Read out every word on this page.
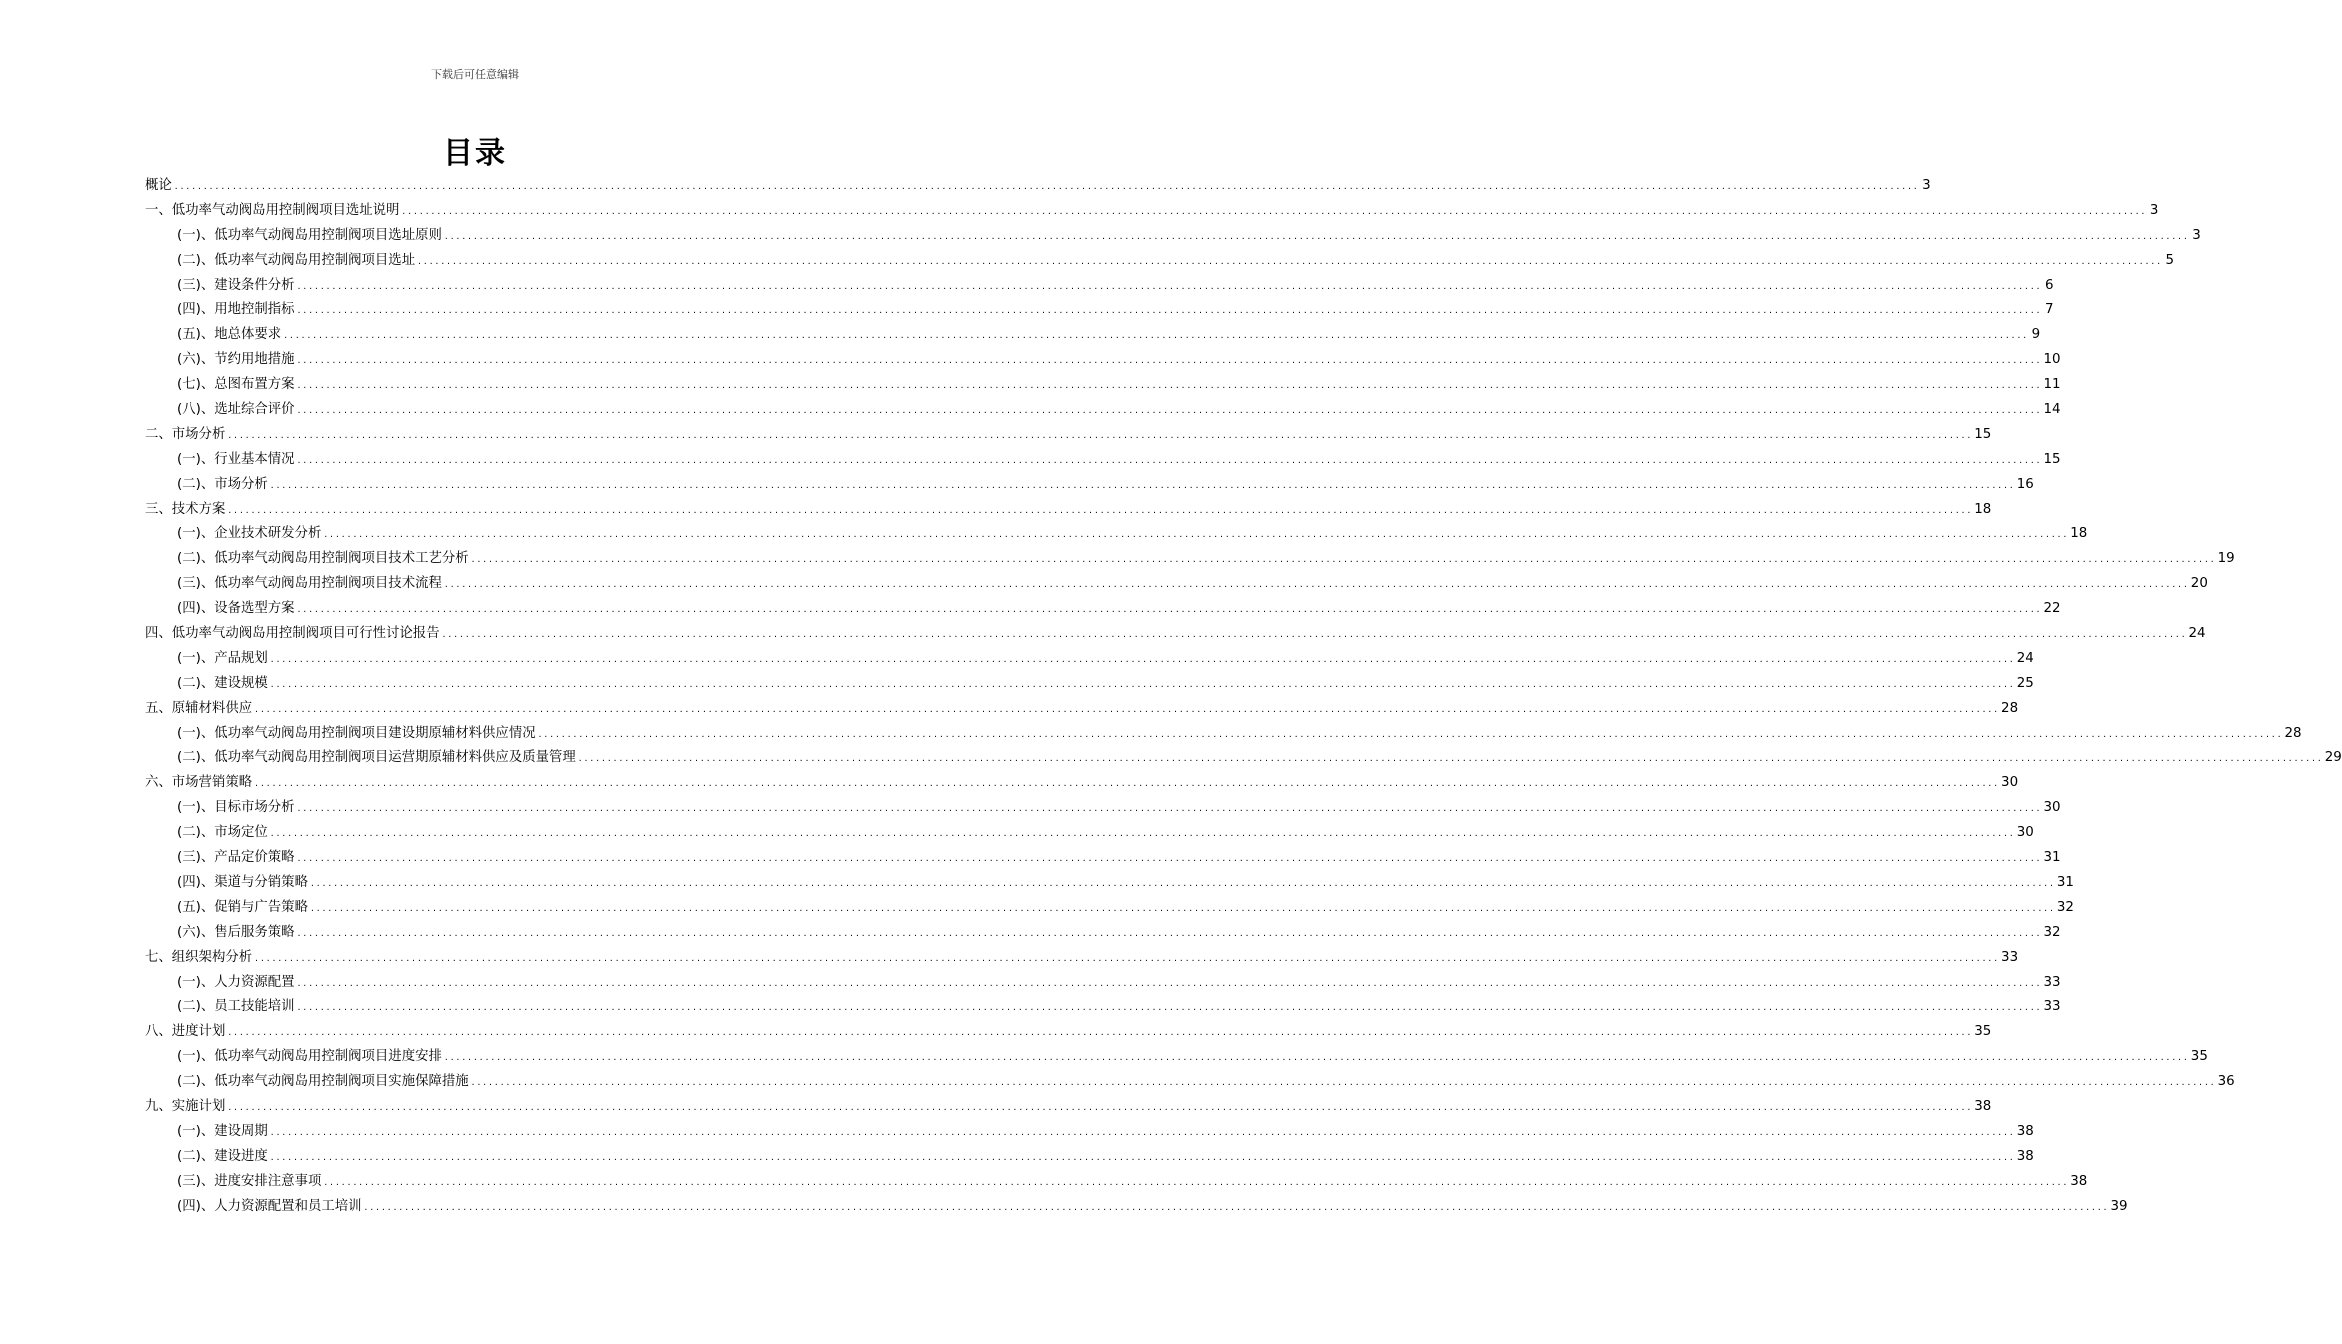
下载后可任意编辑
目录
概论 ............................................................................................................................................................................................................................................................................................................ 3
一、低功率气动阀岛用控制阀项目选址说明 ............................................................................................................................................................................................................................................................................................................ 3
(一)、低功率气动阀岛用控制阀项目选址原则 ............................................................................................................................................................................................................................................................................................................ 3
(二)、低功率气动阀岛用控制阀项目选址 ............................................................................................................................................................................................................................................................................................................ 5
(三)、建设条件分析 ............................................................................................................................................................................................................................................................................................................ 6
(四)、用地控制指标 ............................................................................................................................................................................................................................................................................................................ 7
(五)、地总体要求 ............................................................................................................................................................................................................................................................................................................ 9
(六)、节约用地措施 ............................................................................................................................................................................................................................................................................................................ 10
(七)、总图布置方案 ............................................................................................................................................................................................................................................................................................................ 11
(八)、选址综合评价 ............................................................................................................................................................................................................................................................................................................ 14
二、市场分析 ............................................................................................................................................................................................................................................................................................................ 15
(一)、行业基本情况 ............................................................................................................................................................................................................................................................................................................ 15
(二)、市场分析 ............................................................................................................................................................................................................................................................................................................ 16
三、技术方案 ............................................................................................................................................................................................................................................................................................................ 18
(一)、企业技术研发分析 ............................................................................................................................................................................................................................................................................................................ 18
(二)、低功率气动阀岛用控制阀项目技术工艺分析 ............................................................................................................................................................................................................................................................................................................ 19
(三)、低功率气动阀岛用控制阀项目技术流程 ............................................................................................................................................................................................................................................................................................................ 20
(四)、设备选型方案 ............................................................................................................................................................................................................................................................................................................ 22
四、低功率气动阀岛用控制阀项目可行性讨论报告 ............................................................................................................................................................................................................................................................................................................ 24
(一)、产品规划 ............................................................................................................................................................................................................................................................................................................ 24
(二)、建设规模 ............................................................................................................................................................................................................................................................................................................ 25
五、原辅材料供应 ............................................................................................................................................................................................................................................................................................................ 28
(一)、低功率气动阀岛用控制阀项目建设期原辅材料供应情况 ............................................................................................................................................................................................................................................................................................................ 28
(二)、低功率气动阀岛用控制阀项目运营期原辅材料供应及质量管理 ............................................................................................................................................................................................................................................................................................................ 29
六、市场营销策略 ............................................................................................................................................................................................................................................................................................................ 30
(一)、目标市场分析 ............................................................................................................................................................................................................................................................................................................ 30
(二)、市场定位 ............................................................................................................................................................................................................................................................................................................ 30
(三)、产品定价策略 ............................................................................................................................................................................................................................................................................................................ 31
(四)、渠道与分销策略 ............................................................................................................................................................................................................................................................................................................ 31
(五)、促销与广告策略 ............................................................................................................................................................................................................................................................................................................ 32
(六)、售后服务策略 ............................................................................................................................................................................................................................................................................................................ 32
七、组织架构分析 ............................................................................................................................................................................................................................................................................................................ 33
(一)、人力资源配置 ............................................................................................................................................................................................................................................................................................................ 33
(二)、员工技能培训 ............................................................................................................................................................................................................................................................................................................ 33
八、进度计划 ............................................................................................................................................................................................................................................................................................................ 35
(一)、低功率气动阀岛用控制阀项目进度安排 ............................................................................................................................................................................................................................................................................................................ 35
(二)、低功率气动阀岛用控制阀项目实施保障措施 ............................................................................................................................................................................................................................................................................................................ 36
九、实施计划 ............................................................................................................................................................................................................................................................................................................ 38
(一)、建设周期 ............................................................................................................................................................................................................................................................................................................ 38
(二)、建设进度 ............................................................................................................................................................................................................................................................................................................ 38
(三)、进度安排注意事项 ............................................................................................................................................................................................................................................................................................................ 38
(四)、人力资源配置和员工培训 ............................................................................................................................................................................................................................................................................................................ 39
